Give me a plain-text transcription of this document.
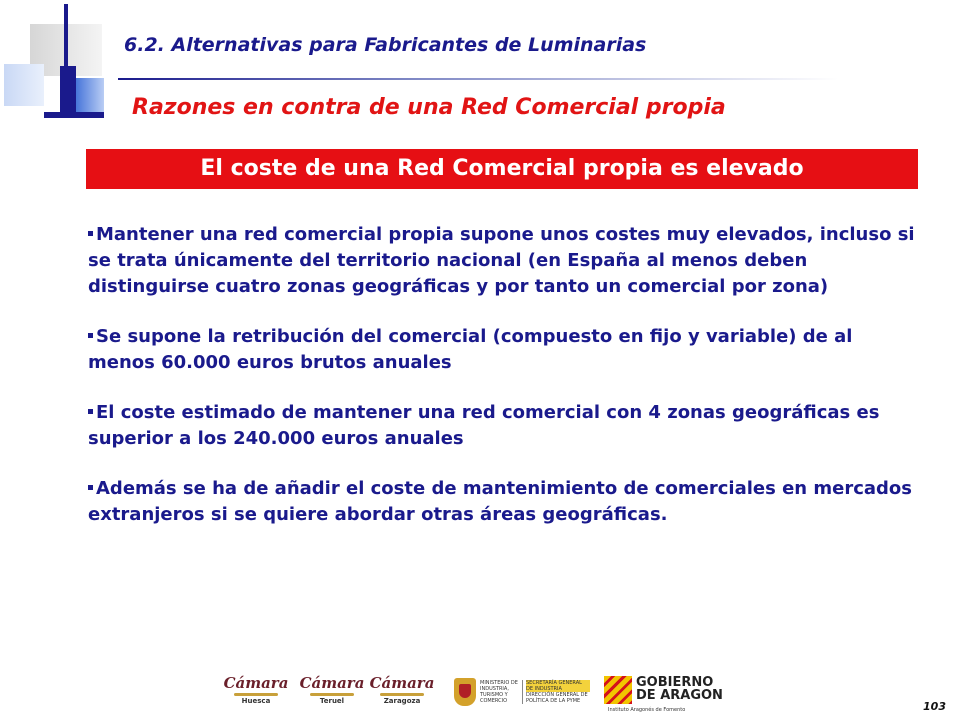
6.2. Alternativas para Fabricantes de Luminarias
Razones en contra de una Red Comercial propia
El coste de una Red Comercial propia es elevado
Mantener una red comercial propia supone unos costes muy elevados, incluso si se trata únicamente del territorio nacional (en España al menos deben distinguirse cuatro zonas geográficas y por tanto un comercial por zona)
Se supone la retribución del comercial (compuesto en fijo y variable) de al menos 60.000 euros brutos anuales
El coste estimado de mantener una red comercial con 4 zonas geográficas es superior a los 240.000 euros anuales
Además se ha de añadir el coste de mantenimiento de comerciales en mercados extranjeros si se quiere abordar otras áreas geográficas.
Cámara
Huesca
Cámara
Teruel
Cámara
Zaragoza
MINISTERIO DE INDUSTRIA, TURISMO Y COMERCIO
SECRETARÍA GENERAL DE INDUSTRIA
DIRECCIÓN GENERAL DE POLÍTICA DE LA PYME
GOBIERNO
DE ARAGON
Instituto Aragonés de Fomento	103
